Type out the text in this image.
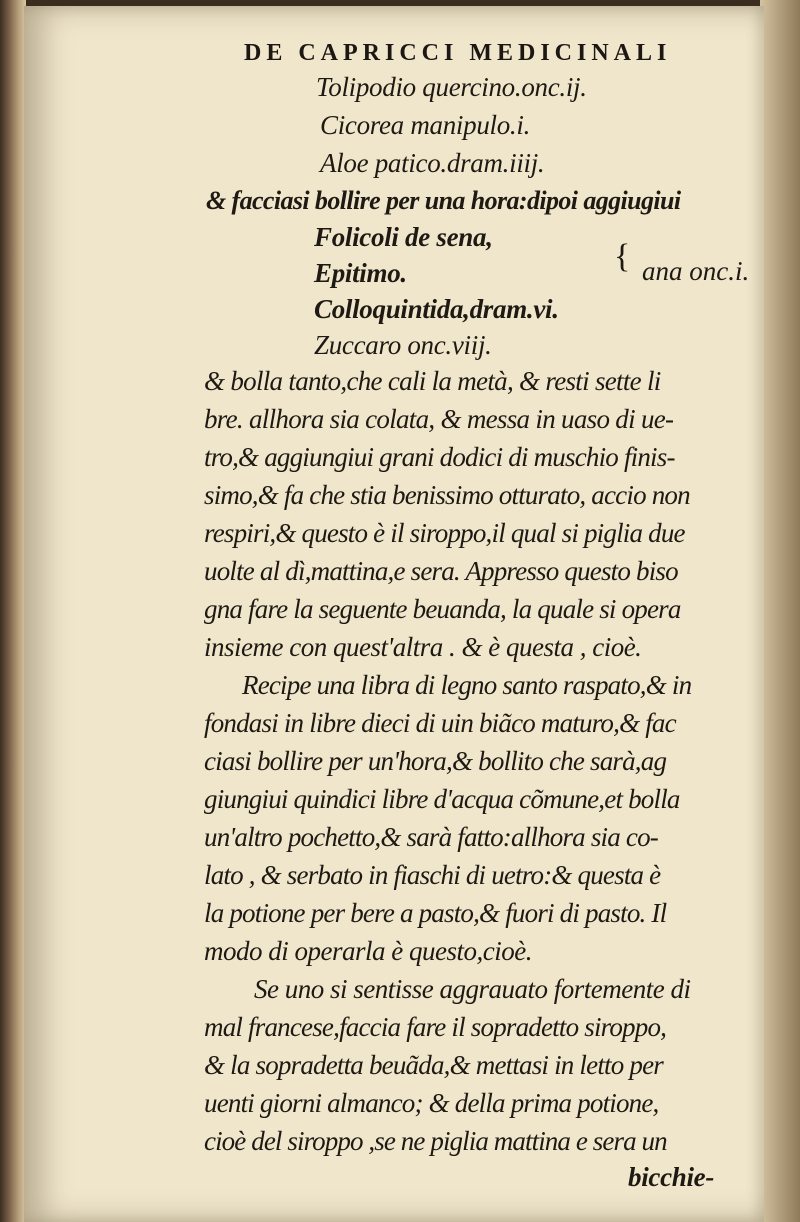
DE CAPRICCI MEDICINALI
Tolipodio quercino.onc.ij.
Cicorea manipulo.i.
Aloe patico.dram.iiij.
& facciasi bollire per una hora:dipoi aggiugiui
Folicoli de sena,
Epitimo.
Colloquintida,dram.vi.
Zuccaro onc.viij.
{ ana onc.i.
& bolla tanto,che cali la metà, & resti sette li
bre. allhora sia colata, & messa in uaso di ue-
tro,& aggiungiui grani dodici di muschio finis-
simo,& fa che stia benissimo otturato, accio non
respiri,& questo è il siroppo,il qual si piglia due
uolte al dì,mattina,e sera. Appresso questo biso
gna fare la seguente beuanda, la quale si opera
insieme con quest'altra . & è questa , cioè.
Recipe una libra di legno santo raspato,& in
fondasi in libre dieci di uin biãco maturo,& fac
ciasi bollire per un'hora,& bollito che sarà,ag
giungiui quindici libre d'acqua cõmune,et bolla
un'altro pochetto,& sarà fatto:allhora sia co-
lato , & serbato in fiaschi di uetro:& questa è
la potione per bere a pasto,& fuori di pasto. Il
modo di operarla è questo,cioè.
Se uno si sentisse aggrauato fortemente di
mal francese,faccia fare il sopradetto siroppo,
& la sopradetta beuãda,& mettasi in letto per
uenti giorni almanco; & della prima potione,
cioè del siroppo ,se ne piglia mattina e sera un
bicchie-
